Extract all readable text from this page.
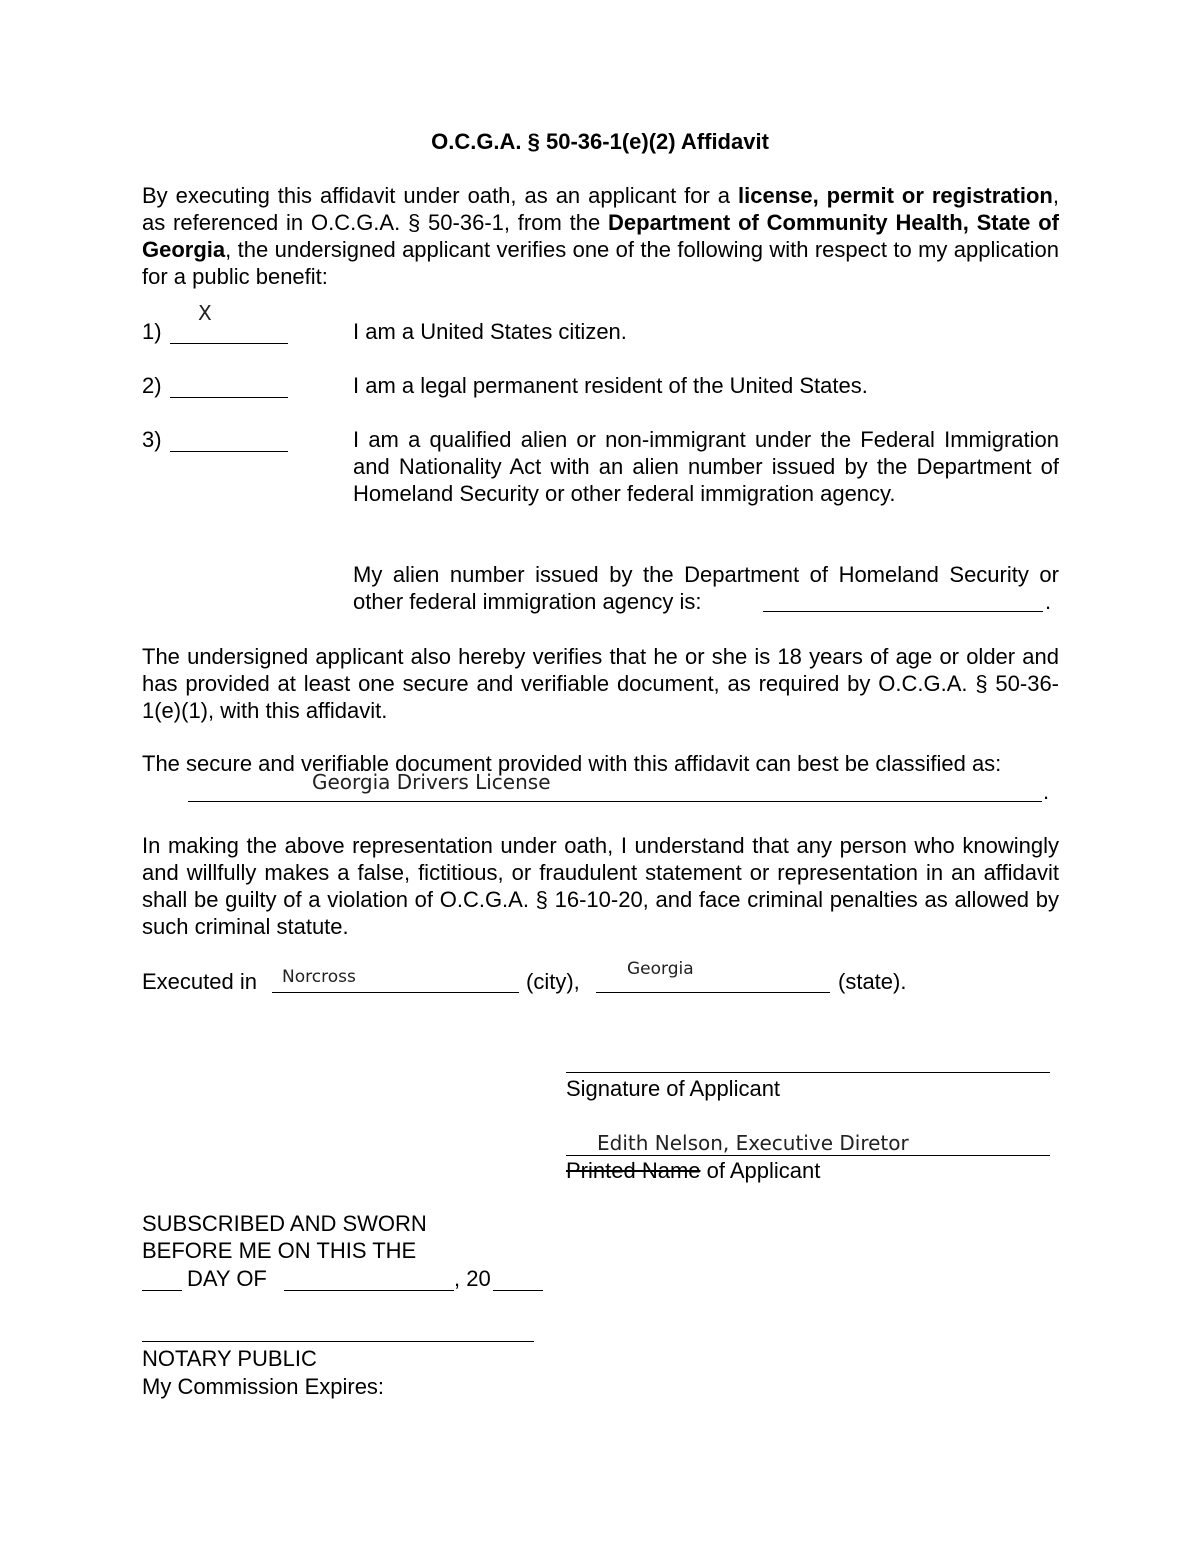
O.C.G.A. § 50-36-1(e)(2) Affidavit
By executing this affidavit under oath, as an applicant for a license, permit or registration, as referenced in O.C.G.A. § 50-36-1, from the Department of Community Health, State of Georgia, the undersigned applicant verifies one of the following with respect to my application for a public benefit:
1)
X
I am a United States citizen.
2)	I am a legal permanent resident of the United States.
3)	I am a qualified alien or non-immigrant under the Federal Immigration and Nationality Act with an alien number issued by the Department of Homeland Security or other federal immigration agency.
My alien number issued by the Department of Homeland Security or other federal immigration agency is:	.
The undersigned applicant also hereby verifies that he or she is 18 years of age or older and has provided at least one secure and verifiable document, as required by O.C.G.A. § 50-36-1(e)(1), with this affidavit.
The secure and verifiable document provided with this affidavit can best be classified as:
Georgia Drivers License	.
In making the above representation under oath, I understand that any person who knowingly and willfully makes a false, fictitious, or fraudulent statement or representation in an affidavit shall be guilty of a violation of O.C.G.A. § 16-10-20, and face criminal penalties as allowed by such criminal statute.
Executed in Norcross	(city),	Georgia	(state).
Signature of Applicant
Edith Nelson, Executive Diretor
Printed Name of Applicant
SUBSCRIBED AND SWORN
BEFORE ME ON THIS THE
DAY OF	, 20
NOTARY PUBLIC
My Commission Expires:
